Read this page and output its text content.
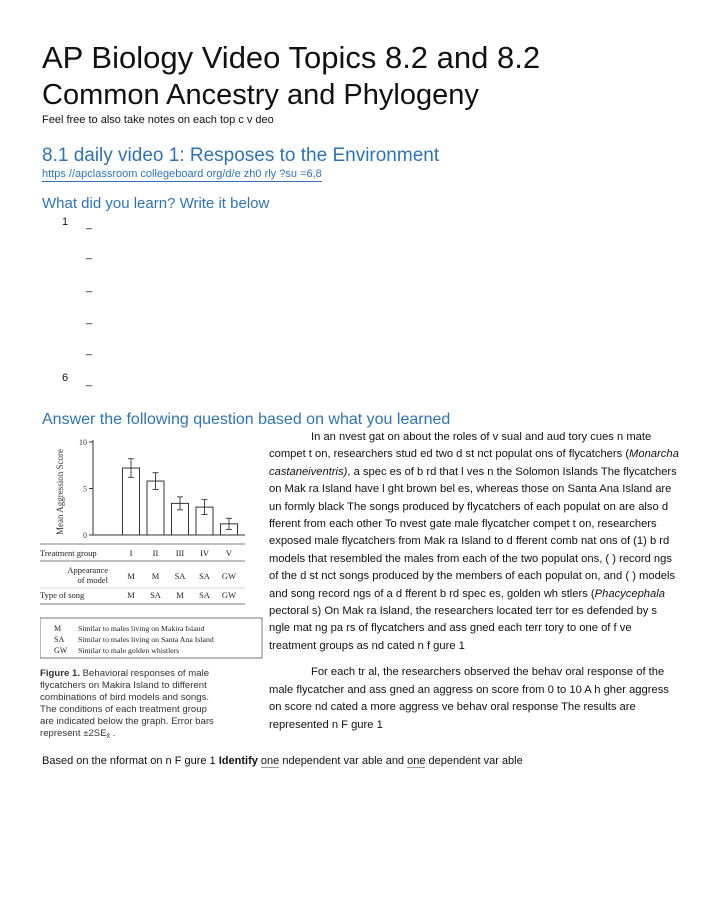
AP Biology Video Topics 8.2 and 8.2
Common Ancestry and Phylogeny
Feel free to also take notes on each top c v deo
8.1 daily video 1: Resposes to the Environment
https //apclassroom collegeboard org/d/e zh0 rly ?su =6,8
What did you learn? Write it below
1	_
_
_
_
_
6	_
Answer the following question based on what you learned
Mean Aggression Score
10
5
0
Treatment group
Appearance
of model
Type of song
I
M
M
II
M
SA
III
SA
M
IV
SA
SA
V
GW
GW
M Similar to males living on Makira Island
SA Similar to males living on Santa Ana Island
GW Similar to male golden whistlers
Figure 1. Behavioral responses of male
flycatchers on Makira Island to different
combinations of bird models and songs.
The conditions of each treatment group
are indicated below the graph. Error bars
represent $\pm 2SE_{x̄}$ .

In an nvest gat on about the roles of v sual and aud tory cues n mate compet t on, researchers stud ed two d st nct populat ons of flycatchers (Monarcha castaneiventris), a spec es of b rd that l ves n the Solomon Islands The flycatchers on Mak ra Island have l ght brown bel es, whereas those on Santa Ana Island are un formly black The songs produced by flycatchers of each populat on are also d fferent from each other To nvest gate male flycatcher compet t on, researchers exposed male flycatchers from Mak ra Island to d fferent comb nat ons of (1) b rd models that resembled the males from each of the two populat ons, ( ) record ngs of the d st nct songs produced by the members of each populat on, and ( ) models and song record ngs of a d fferent b rd spec es, golden wh stlers (Phacycephala pectoral s) On Mak ra Island, the researchers located terr tor es defended by s ngle mat ng pa rs of flycatchers and ass gned each terr tory to one of f ve treatment groups as nd cated n f gure 1

For each tr al, the researchers observed the behav oral response of the male flycatcher and ass gned an aggress on score from 0 to 10 A h gher aggress on score nd cated a more aggress ve behav oral response The results are represented n F gure 1

Based on the nformat on n F gure 1 Identify one ndependent var able and one dependent var able
